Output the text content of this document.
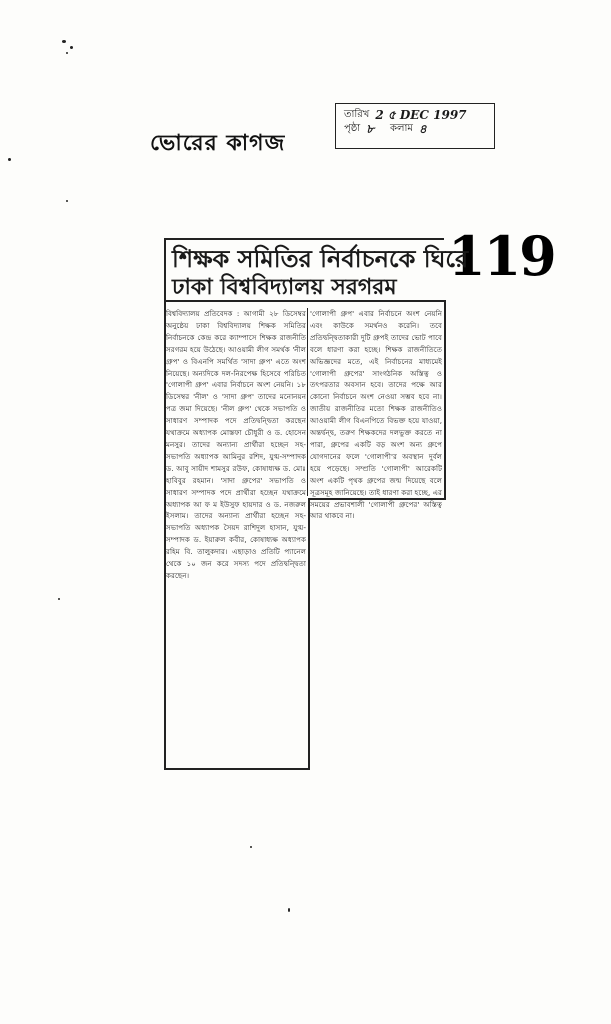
ভোরের কাগজ
তারিখ 2 ৫ DEC 1997
পৃষ্ঠা ৮ কলাম ৪
119
শিক্ষক সমিতির নির্বাচনকে ঘিরে
ঢাকা বিশ্ববিদ্যালয় সরগরম

বিশ্ববিদ্যালয় প্রতিবেদক : আগামী ২৮ ডিসেম্বর অনুষ্ঠেয় ঢাকা বিশ্ববিদ্যালয় শিক্ষক সমিতির নির্বাচনকে কেন্দ্র করে ক্যাম্পাসে শিক্ষক রাজনীতি সরগরম হয়ে উঠেছে। আওয়ামী লীগ সমর্থক 'নীল গ্রুপ' ও বিএনপি সমর্থিত 'সাদা গ্রুপ' এতে অংশ নিয়েছে। অন্যদিকে দল-নিরপেক্ষ হিসেবে পরিচিত 'গোলাপী গ্রুপ' এবার নির্বাচনে অংশ নেয়নি। ১৮ ডিসেম্বর 'নীল' ও 'সাদা গ্রুপ' তাদের মনোনয়ন পত্র জমা দিয়েছে। 'নীল গ্রুপ' থেকে সভাপতি ও সাধারণ সম্পাদক পদে প্রতিদ্বন্দ্বিতা করছেন যথাক্রমে অধ্যাপক মোস্তফা চৌধুরী ও ড. হোসেন মনসুর। তাদের অন্যান্য প্রার্থীরা হচ্ছেন সহ-সভাপতি অধ্যাপক আমিনুর রশিদ, যুগ্ম-সম্পাদক ড. আবু সায়ীদ শামসুর রউফ, কোষাধ্যক্ষ ড. মোঃ হাবিবুর রহমান। 'সাদা গ্রুপের' সভাপতি ও সাধারণ সম্পাদক পদে প্রার্থীরা হচ্ছেন যথাক্রমে অধ্যাপক আ ফ ম ইউসুফ হায়দার ও ড. নজরুল ইসলাম। তাদের অন্যান্য প্রার্থীরা হচ্ছেন সহ-সভাপতি অধ্যাপক সৈয়দ রাশিদুল হাসান, যুগ্ম-সম্পাদক ড. ইয়ারুল কবীর, কোষাধ্যক্ষ অধ্যাপক রহিম বি. তালুকদার। এছাড়াও প্রতিটি প্যানেল থেকে ১০ জন করে সদস্য পদে প্রতিদ্বন্দ্বিতা করছেন।

'গোলাপী গ্রুপ' এবার নির্বাচনে অংশ নেয়নি এবং কাউকে সমর্থনও করেনি। তবে প্রতিদ্বন্দ্বিতাকারী দুটি গ্রুপই তাদের ভোট পাবে বলে ধারণা করা হচ্ছে। শিক্ষক রাজনীতিতে অভিজ্ঞদের মতে, এই নির্বাচনের মাধ্যমেই 'গোলাপী গ্রুপের' সাংগঠনিক অস্তিত্ব ও তৎপরতার অবসান হবে। তাদের পক্ষে আর কোনো নির্বাচনে অংশ নেওয়া সম্ভব হবে না। জাতীয় রাজনীতির মতো শিক্ষক রাজনীতিও আওয়ামী লীগ বিএনপিতে বিভক্ত হয়ে যাওয়া, অন্তর্দ্বন্দ্ব, তরুণ শিক্ষকদের দলভুক্ত করতে না পারা, গ্রুপের একটি বড় অংশ অন্য গ্রুপে যোগদানের ফলে 'গোলাপী'র অবস্থান দুর্বল হয়ে পড়েছে। সম্প্রতি 'গোলাপী' আরেকটি অংশ একটি পৃথক গ্রুপের জন্ম দিয়েছে বলে সূত্রসমূহ জানিয়েছে। তাই ধারণা করা হচ্ছে, এর সময়ের প্রভাবশালী 'গোলাপী গ্রুপের' অস্তিত্ব আর থাকবে না।
